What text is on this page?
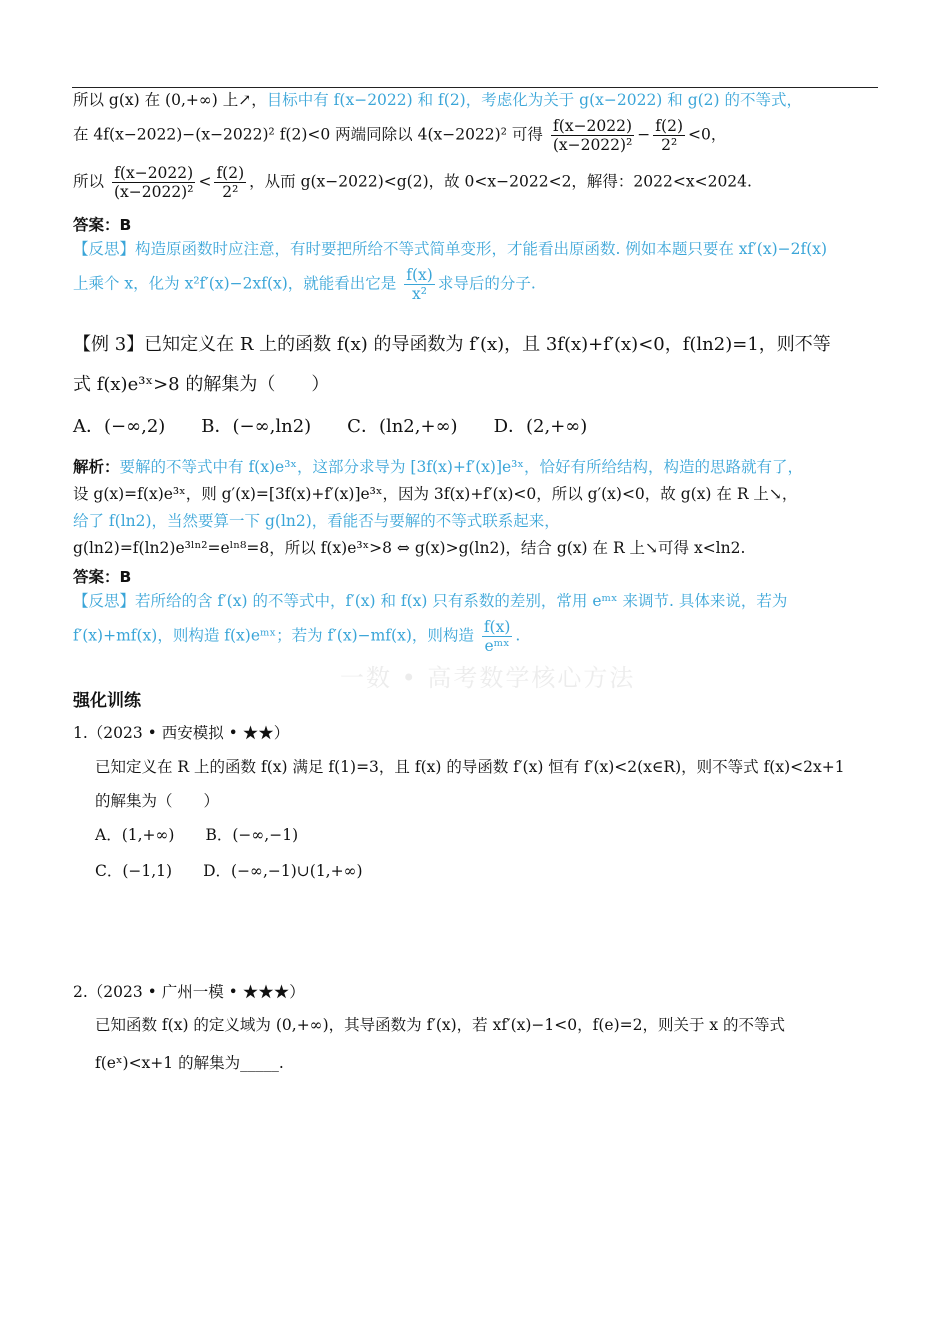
所以 g(x) 在 (0,+∞) 上↗，目标中有 f(x−2022) 和 f(2)，考虑化为关于 g(x−2022) 和 g(2) 的不等式，
在 4f(x−2022)−(x−2022)² f(2)<0 两端同除以 4(x−2022)² 可得 $\frac{f(x-2022)}{\text{(x−2022)²}} - \frac{f(2)}{\text{2²}} <0$，
所以 $\frac{f(x-2022)}{\text{(x−2022)²}} < \frac{f(2)}{\text{2²}}$ ，从而 g(x−2022)<g(2)，故 0<x−2022<2，解得：2022<x<2024.
答案：B
【反思】构造原函数时应注意，有时要把所给不等式简单变形，才能看出原函数. 例如本题只要在 xf′(x)−2f(x)
上乘个 x，化为 x²f′(x)−2xf(x)，就能看出它是 $\frac{f(x)}{\text{x²}}$ 求导后的分子.
【例 3】已知定义在 R 上的函数 f(x) 的导函数为 f′(x)，且 3f(x)+f′(x)<0，f(ln2)=1，则不等
式 f(x)e³ˣ>8 的解集为（　　）
A．(−∞,2)　　B．(−∞,ln2)　　C．(ln2,+∞)　　D．(2,+∞)
解析：要解的不等式中有 f(x)e³ˣ，这部分求导为 [3f(x)+f′(x)]e³ˣ，恰好有所给结构，构造的思路就有了，
设 g(x)=f(x)e³ˣ，则 g′(x)=[3f(x)+f′(x)]e³ˣ，因为 3f(x)+f′(x)<0，所以 g′(x)<0，故 g(x) 在 R 上↘，
给了 f(ln2)，当然要算一下 g(ln2)，看能否与要解的不等式联系起来，
g(ln2)=f(ln2)e³ˡⁿ²=eˡⁿ⁸=8，所以 f(x)e³ˣ>8 ⇔ g(x)>g(ln2)，结合 g(x) 在 R 上↘可得 x<ln2.
答案：B
【反思】若所给的含 f′(x) 的不等式中，f′(x) 和 f(x) 只有系数的差别，常用 eᵐˣ 来调节. 具体来说，若为
f′(x)+mf(x)，则构造 f(x)eᵐˣ；若为 f′(x)−mf(x)，则构造 $\frac{f(x)}{\text{eᵐˣ}}$ .
一数 • 高考数学核心方法
强化训练
1.（2023 • 西安模拟 • ★★）
已知定义在 R 上的函数 f(x) 满足 f(1)=3，且 f(x) 的导函数 f′(x) 恒有 f′(x)<2(x∈R)，则不等式 f(x)<2x+1
的解集为（　　）
A．(1,+∞)　　B．(−∞,−1)
C．(−1,1)　　D．(−∞,−1)∪(1,+∞)
2.（2023 • 广州一模 • ★★★）
已知函数 f(x) 的定义域为 (0,+∞)，其导函数为 f′(x)，若 xf′(x)−1<0，f(e)=2，则关于 x 的不等式
f(eˣ)<x+1 的解集为_____.
